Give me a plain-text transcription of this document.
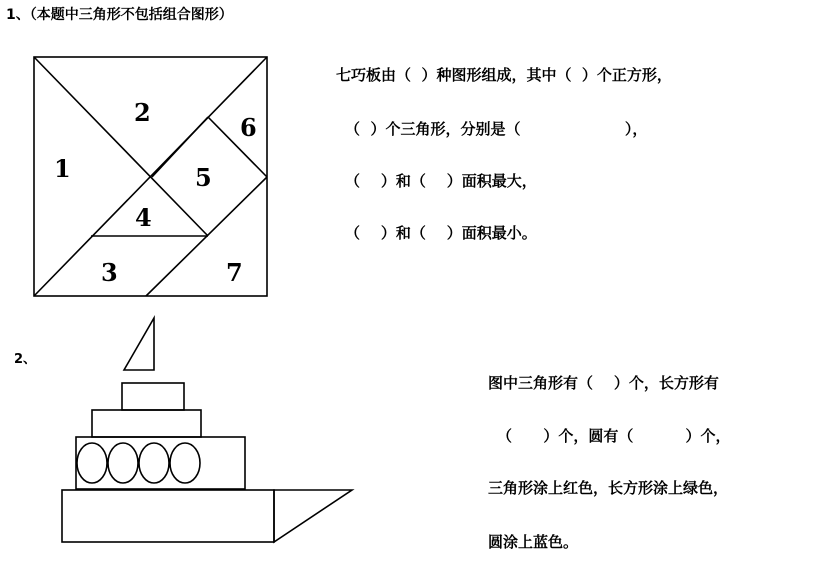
1、（本题中三角形不包括组合图形）
1
2
3
4
5
6
7
七巧板由（  ）种图形组成，其中（  ）个正方形，
（  ）个三角形，分别是（                    ），
（    ）和（    ）面积最大，
（    ）和（    ）面积最小。
2、
图中三角形有（    ）个，长方形有
（      ）个，圆有（          ）个，
三角形涂上红色，长方形涂上绿色，
圆涂上蓝色。
